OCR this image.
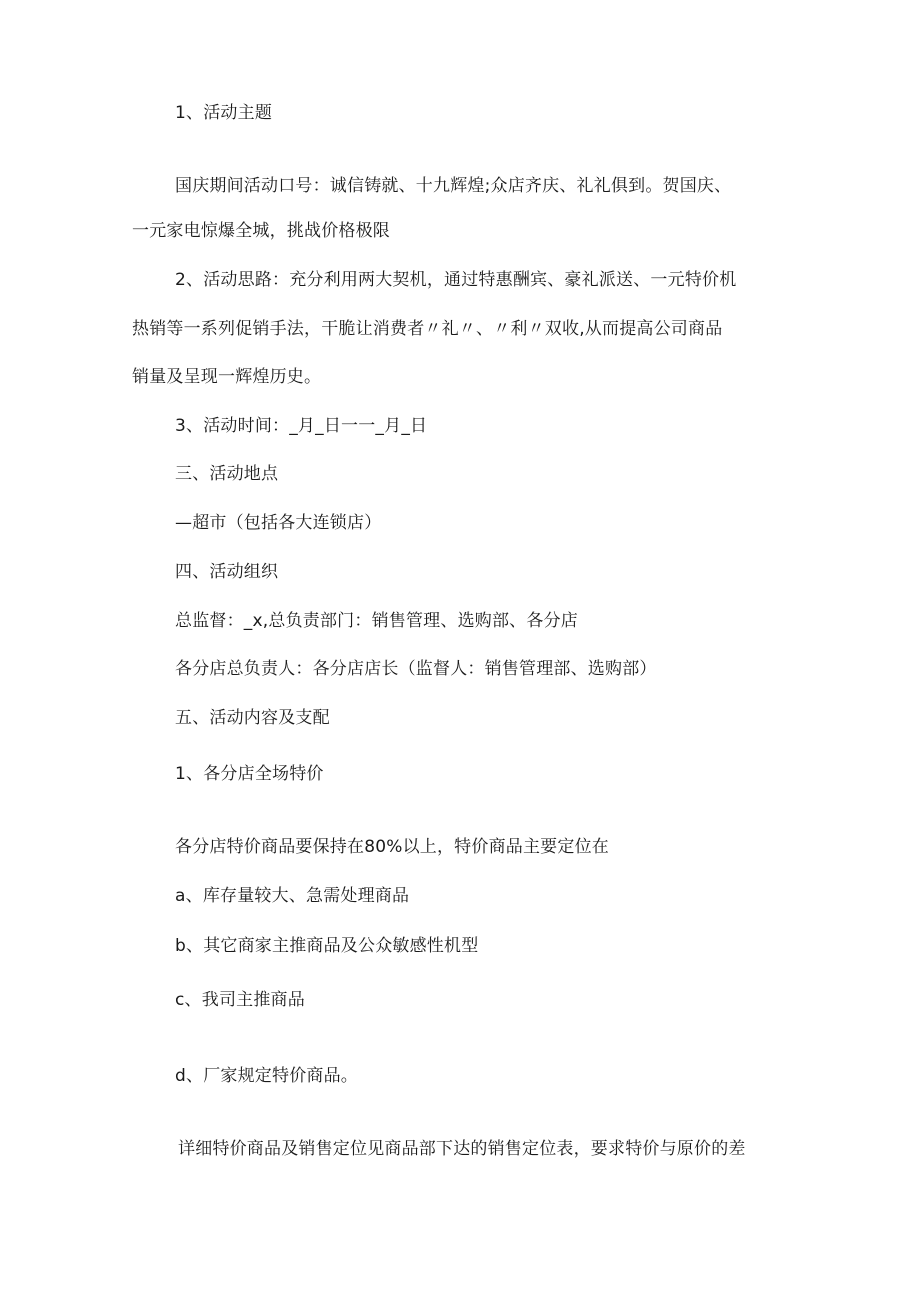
1、活动主题

国庆期间活动口号：诚信铸就、十九辉煌;众店齐庆、礼礼俱到。贺国庆、

一元家电惊爆全城，挑战价格极限

2、活动思路：充分利用两大契机，通过特惠酬宾、豪礼派送、一元特价机

热销等一系列促销手法，干脆让消费者〃礼〃、〃利〃双收,从而提高公司商品

销量及呈现一辉煌历史。

3、活动时间：_月_日一一_月_日

三、活动地点

—超市（包括各大连锁店）

四、活动组织

总监督：_x,总负责部门：销售管理、选购部、各分店

各分店总负责人：各分店店长（监督人：销售管理部、选购部）

五、活动内容及支配

1、各分店全场特价

各分店特价商品要保持在80%以上，特价商品主要定位在

a、库存量较大、急需处理商品

b、其它商家主推商品及公众敏感性机型

c、我司主推商品

d、厂家规定特价商品。

详细特价商品及销售定位见商品部下达的销售定位表，要求特价与原价的差
